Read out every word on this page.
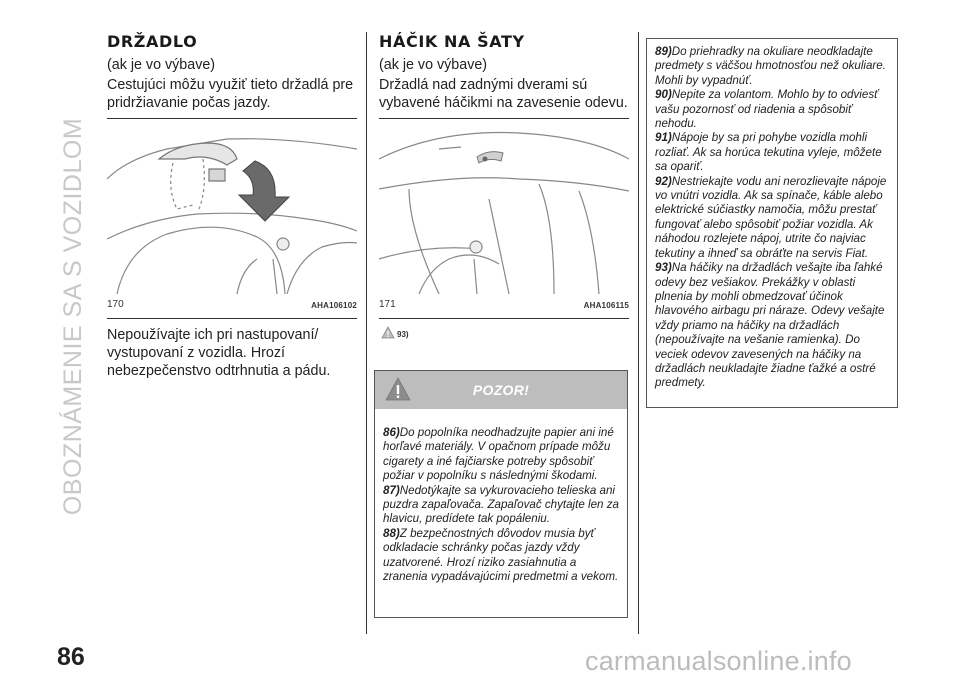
OBOZNÁMENIE SA S VOZIDLOM
DRŽADLO

(ak je vo výbave)

Cestujúci môžu využiť tieto držadlá pre pridržiavanie počas jazdy.

170	AHA106102

Nepoužívajte ich pri nastupovaní/ vystupovaní z vozidla. Hrozí nebezpečenstvo odtrhnutia a pádu.

HÁČIK NA ŠATY

(ak je vo výbave)

Držadlá nad zadnými dverami sú vybavené háčikmi na zavesenie odevu.

171	AHA106115
93)
POZOR!

86)Do popolníka neodhadzujte papier ani iné horľavé materiály. V opačnom prípade môžu cigarety a iné fajčiarske potreby spôsobiť požiar v popolníku s následnými škodami.

87)Nedotýkajte sa vykurovacieho telieska ani puzdra zapaľovača. Zapaľovač chytajte len za hlavicu, predídete tak popáleniu.

88)Z bezpečnostných dôvodov musia byť odkladacie schránky počas jazdy vždy uzatvorené. Hrozí riziko zasiahnutia a zranenia vypadávajúcimi predmetmi a vekom.

89)Do priehradky na okuliare neodkladajte predmety s väčšou hmotnosťou než okuliare. Mohli by vypadnúť.

90)Nepite za volantom. Mohlo by to odviesť vašu pozornosť od riadenia a spôsobiť nehodu.

91)Nápoje by sa pri pohybe vozidla mohli rozliať. Ak sa horúca tekutina vyleje, môžete sa opariť.

92)Nestriekajte vodu ani nerozlievajte nápoje vo vnútri vozidla. Ak sa spínače, káble alebo elektrické súčiastky namočia, môžu prestať fungovať alebo spôsobiť požiar vozidla. Ak náhodou rozlejete nápoj, utrite čo najviac tekutiny a ihneď sa obráťte na servis Fiat.

93)Na háčiky na držadlách vešajte iba ľahké odevy bez vešiakov. Prekážky v oblasti plnenia by mohli obmedzovať účinok hlavového airbagu pri náraze. Odevy vešajte vždy priamo na háčiky na držadlách (nepoužívajte na vešanie ramienka). Do veciek odevov zavesených na háčiky na držadlách neukladajte žiadne ťažké a ostré predmety.

86	carmanualsonline.info
